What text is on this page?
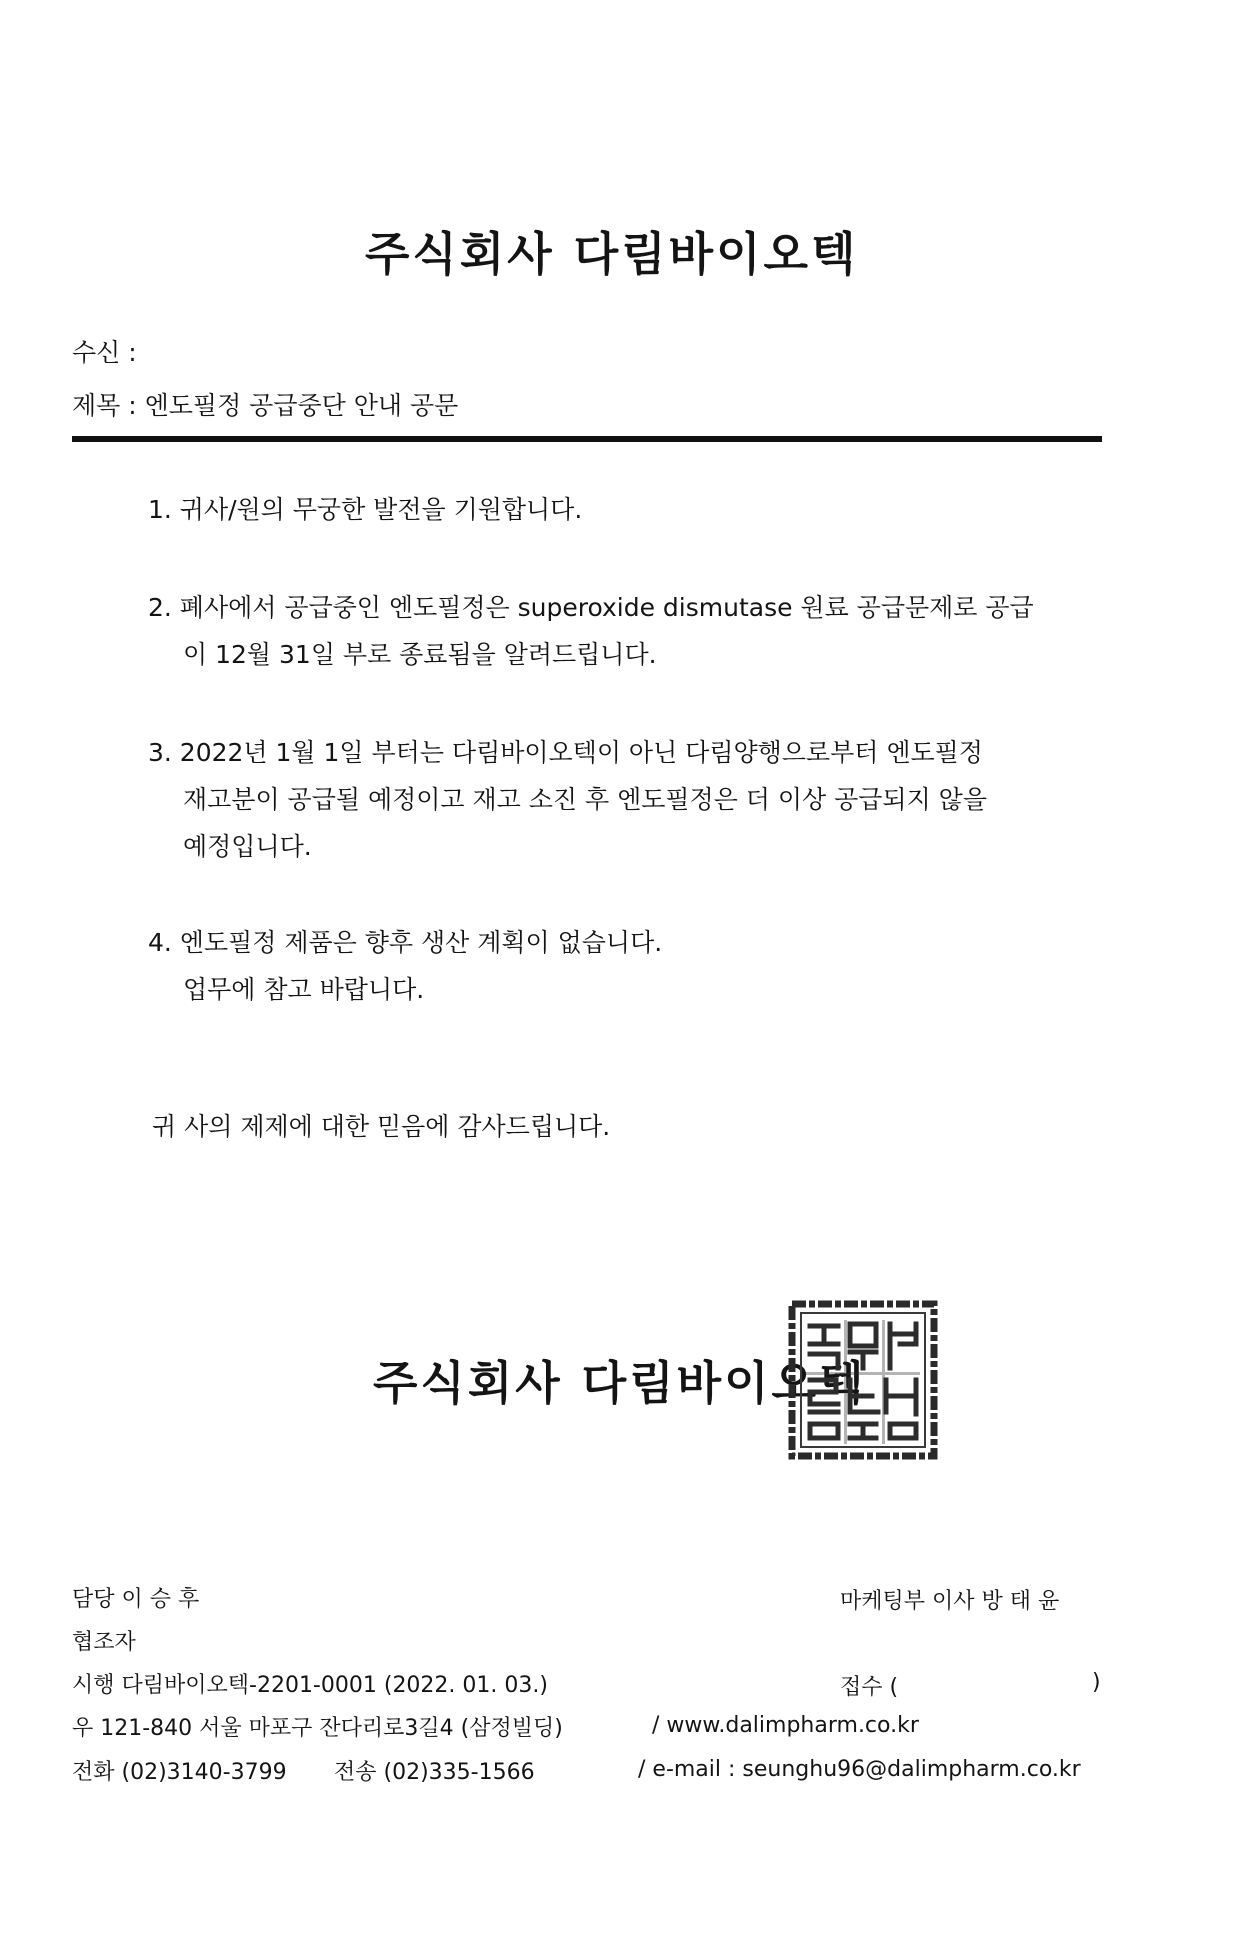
주식회사 다림바이오텍
수신 :
제목 : 엔도필정 공급중단 안내 공문
1. 귀사/원의 무궁한 발전을 기원합니다.
2. 폐사에서 공급중인 엔도필정은 superoxide dismutase 원료 공급문제로 공급
이 12월 31일 부로 종료됨을 알려드립니다.
3. 2022년 1월 1일 부터는 다림바이오텍이 아닌 다림양행으로부터 엔도필정
재고분이 공급될 예정이고 재고 소진 후 엔도필정은 더 이상 공급되지 않을
예정입니다.
4. 엔도필정 제품은 향후 생산 계획이 없습니다.
업무에 참고 바랍니다.
귀 사의 제제에 대한 믿음에 감사드립니다.
주식회사 다림바이오텍
담당 이 승 후	마케팅부 이사 방 태 윤
협조자
시행 다림바이오텍-2201-0001 (2022. 01. 03.)	접수 (	)
우 121-840 서울 마포구 잔다리로3길4 (삼정빌딩)	/ www.dalimpharm.co.kr
전화 (02)3140-3799 전송 (02)335-1566	/ e-mail : seunghu96@dalimpharm.co.kr
